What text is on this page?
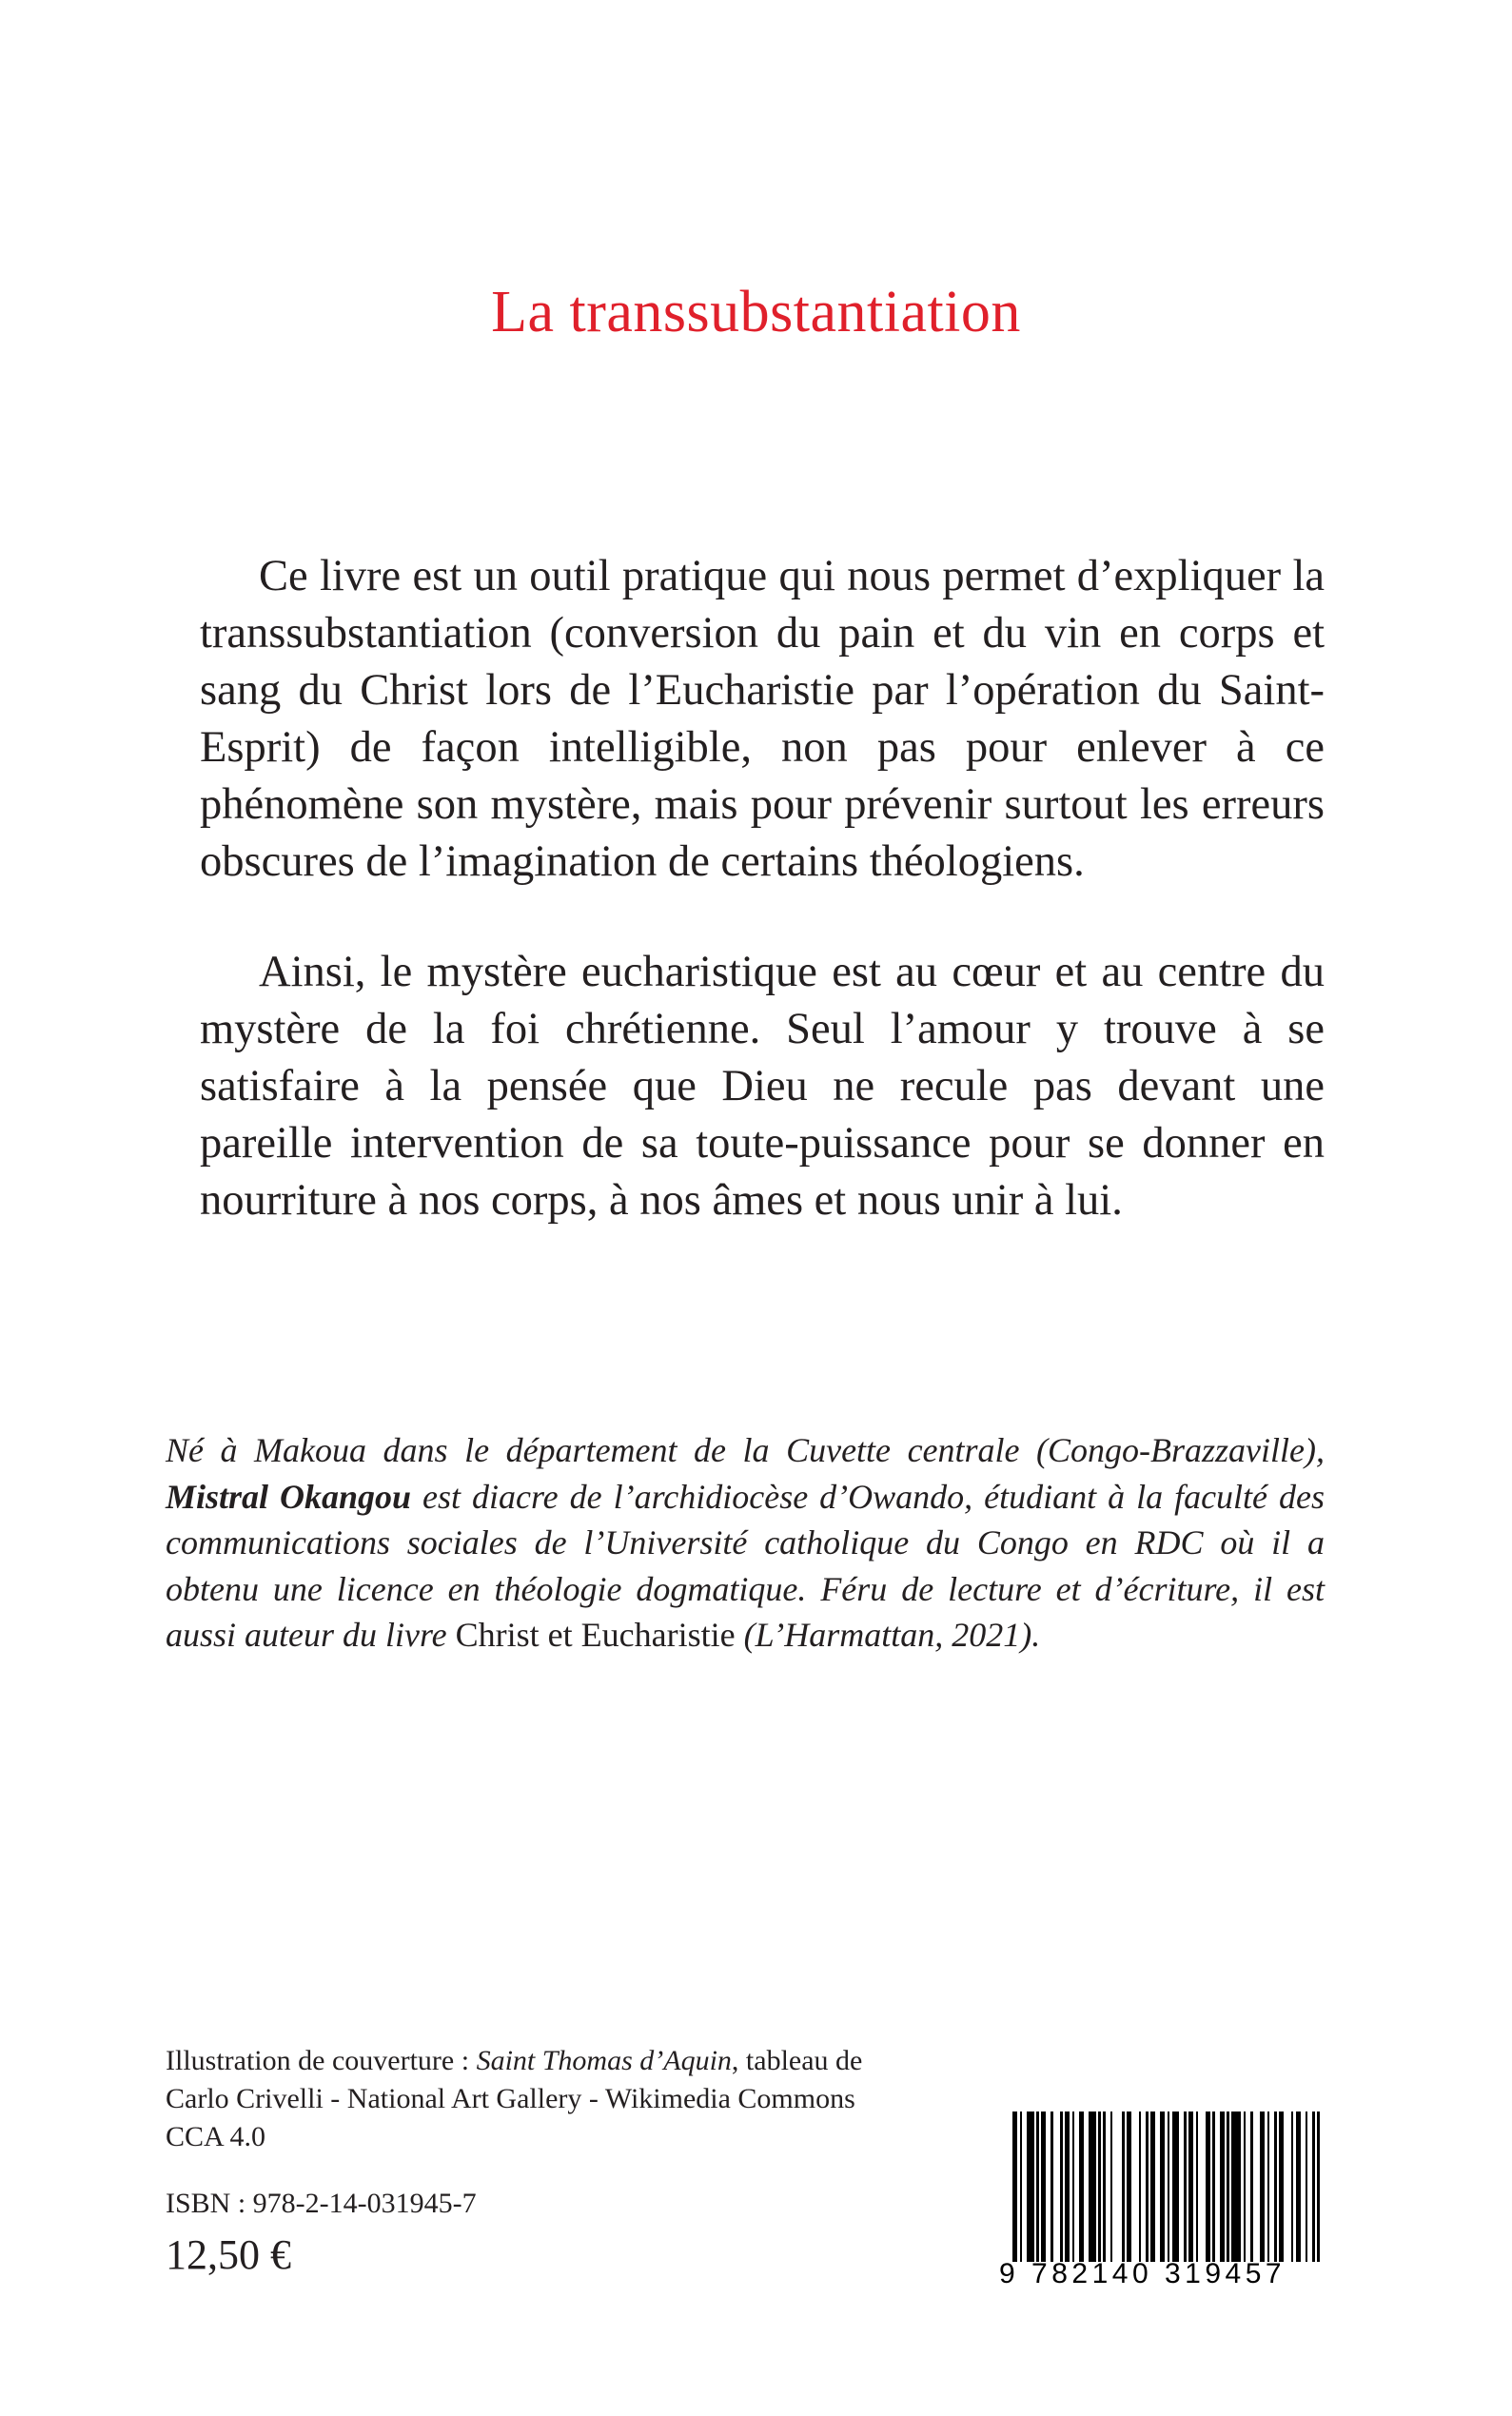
La transsubstantiation

Ce livre est un outil pratique qui nous permet d’expliquer la transsubstantiation (conversion du pain et du vin en corps et sang du Christ lors de l’Eucharistie par l’opération du Saint-Esprit) de façon intelligible, non pas pour enlever à ce phénomène son mystère, mais pour prévenir surtout les erreurs obscures de l’imagination de certains théologiens.

Ainsi, le mystère eucharistique est au cœur et au centre du mystère de la foi chrétienne. Seul l’amour y trouve à se satisfaire à la pensée que Dieu ne recule pas devant une pareille intervention de sa toute-puissance pour se donner en nourriture à nos corps, à nos âmes et nous unir à lui.

Né à Makoua dans le département de la Cuvette centrale (Congo-Brazzaville), Mistral Okangou est diacre de l’archidiocèse d’Owando, étudiant à la faculté des communications sociales de l’Université catholique du Congo en RDC où il a obtenu une licence en théologie dogmatique. Féru de lecture et d’écriture, il est aussi auteur du livre Christ et Eucharistie (L’Harmattan, 2021).
Illustration de couverture : Saint Thomas d’Aquin, tableau de Carlo Crivelli - National Art Gallery - Wikimedia Commons CCA 4.0
ISBN : 978-2-14-031945-7
12,50 €	9 782140 319457
